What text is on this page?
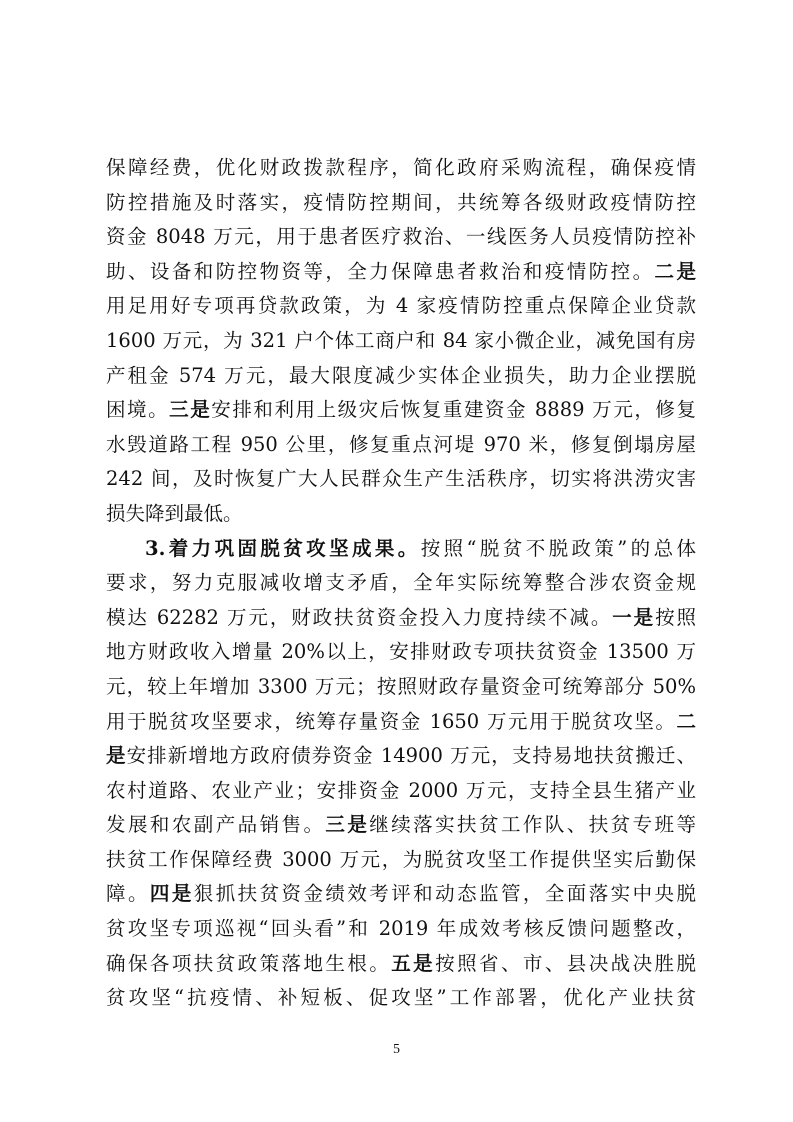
保障经费，优化财政拨款程序，简化政府采购流程，确保疫情
防控措施及时落实，疫情防控期间，共统筹各级财政疫情防控
资金 8048 万元，用于患者医疗救治、一线医务人员疫情防控补
助、设备和防控物资等，全力保障患者救治和疫情防控。二是
用足用好专项再贷款政策，为 4 家疫情防控重点保障企业贷款
1600 万元，为 321 户个体工商户和 84 家小微企业，减免国有房
产租金 574 万元，最大限度减少实体企业损失，助力企业摆脱
困境。三是安排和利用上级灾后恢复重建资金 8889 万元，修复
水毁道路工程 950 公里，修复重点河堤 970 米，修复倒塌房屋
242 间，及时恢复广大人民群众生产生活秩序，切实将洪涝灾害
损失降到最低。
3.着力巩固脱贫攻坚成果。按照“脱贫不脱政策”的总体
要求，努力克服减收增支矛盾，全年实际统筹整合涉农资金规
模达 62282 万元，财政扶贫资金投入力度持续不减。一是按照
地方财政收入增量 20%以上，安排财政专项扶贫资金 13500 万
元，较上年增加 3300 万元；按照财政存量资金可统筹部分 50%
用于脱贫攻坚要求，统筹存量资金 1650 万元用于脱贫攻坚。二
是安排新增地方政府债券资金 14900 万元，支持易地扶贫搬迁、
农村道路、农业产业；安排资金 2000 万元，支持全县生猪产业
发展和农副产品销售。三是继续落实扶贫工作队、扶贫专班等
扶贫工作保障经费 3000 万元，为脱贫攻坚工作提供坚实后勤保
障。四是狠抓扶贫资金绩效考评和动态监管，全面落实中央脱
贫攻坚专项巡视“回头看”和 2019 年成效考核反馈问题整改，
确保各项扶贫政策落地生根。五是按照省、市、县决战决胜脱
贫攻坚“抗疫情、补短板、促攻坚”工作部署，优化产业扶贫
5
